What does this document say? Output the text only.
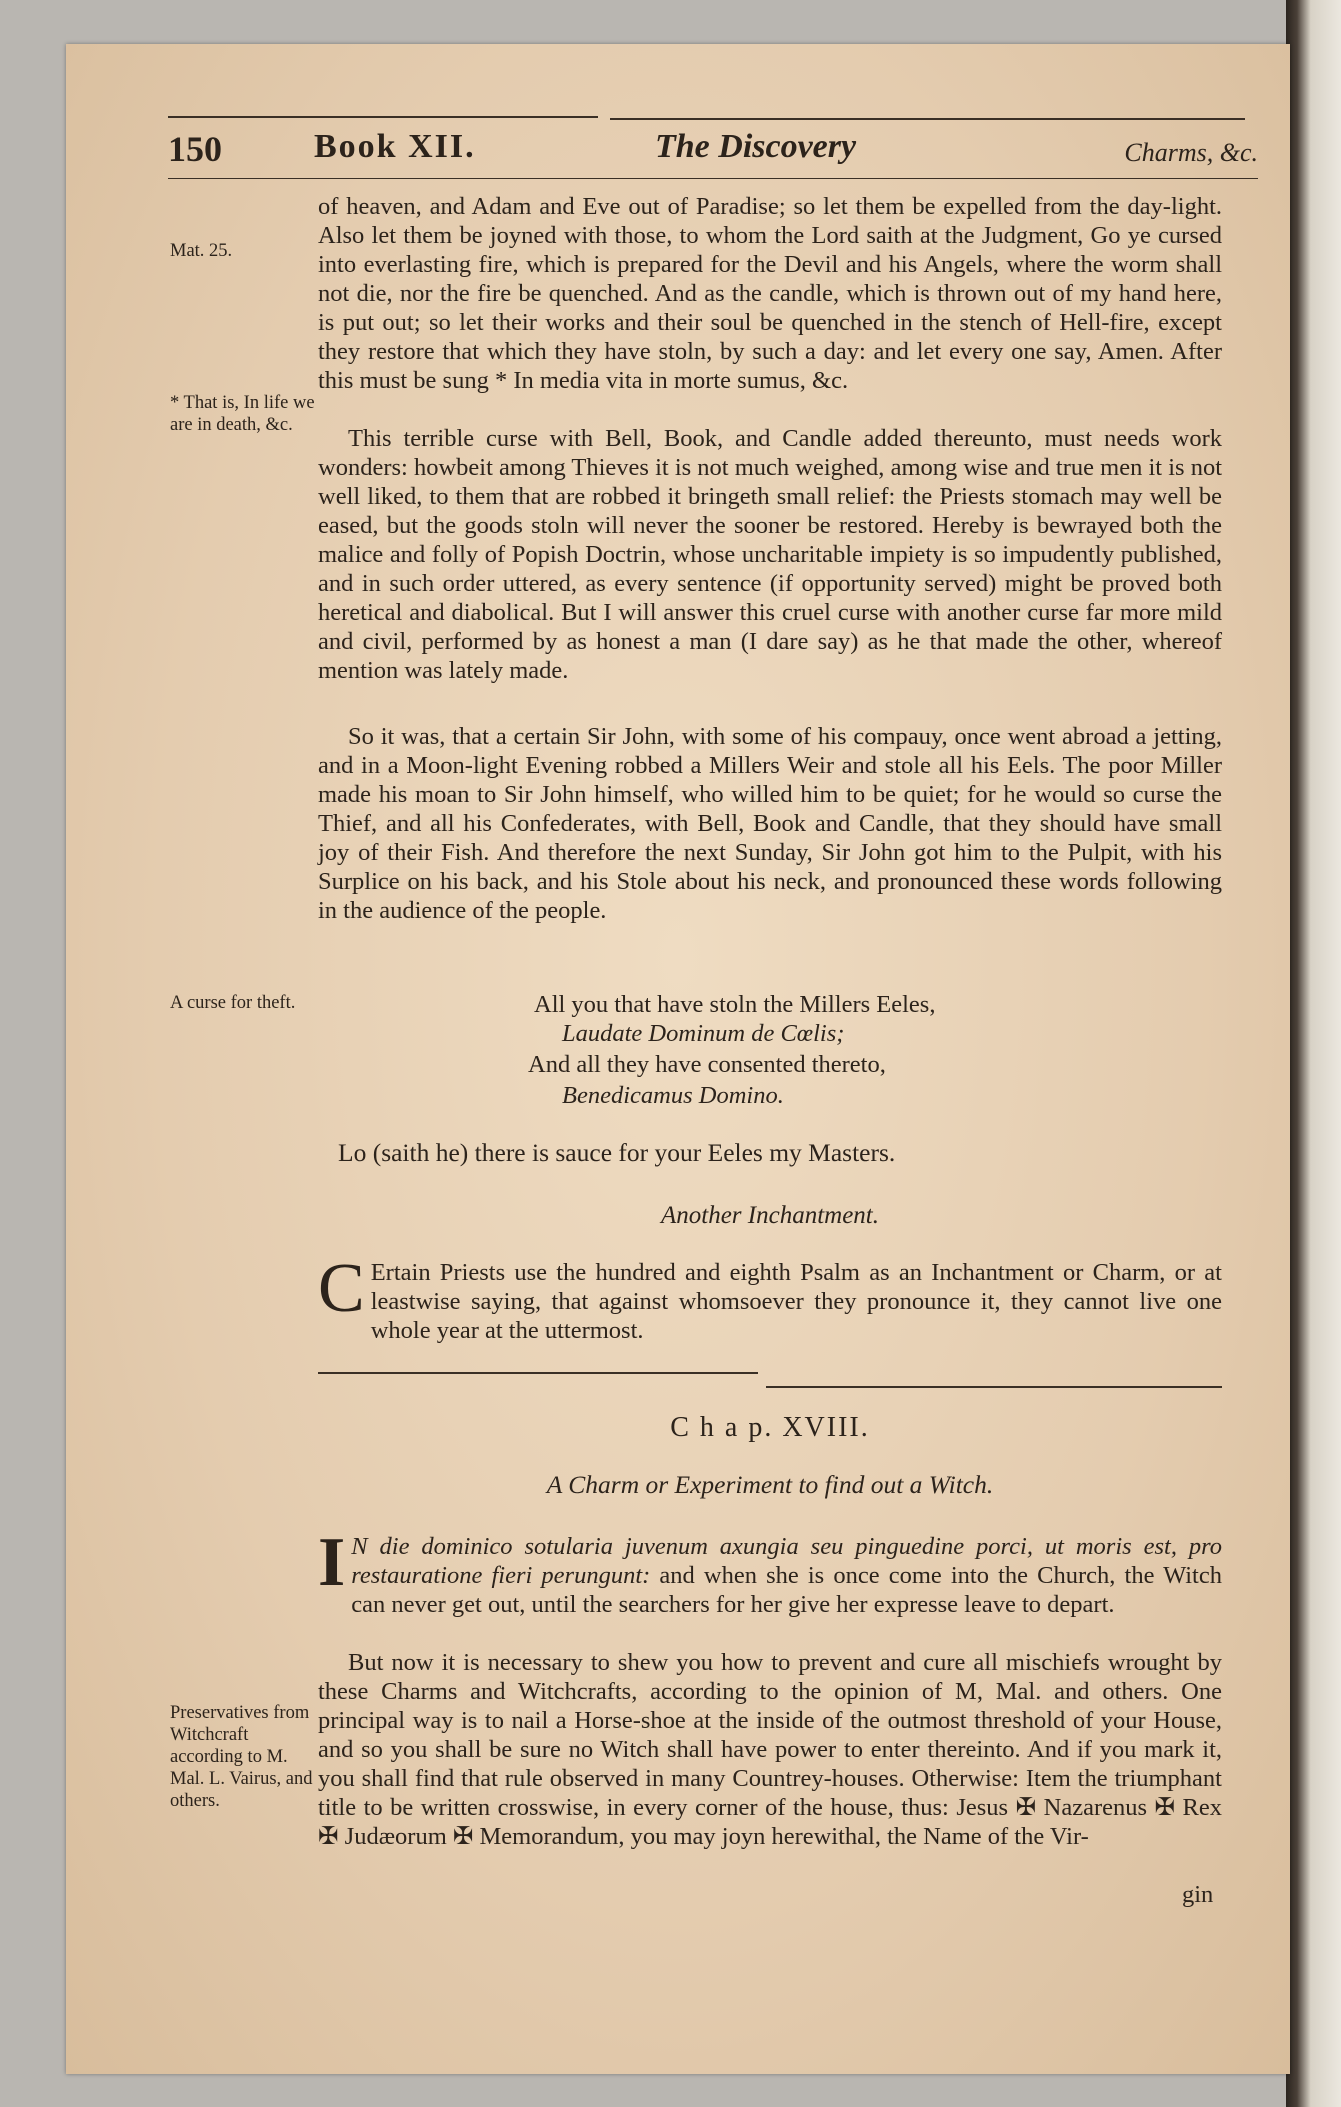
150	Book XII.	The Discovery	Charms, &c.
Mat. 25.
* That is, In life we are in death, &c.
A curse for theft.
Preservatives from Witchcraft according to M. Mal. L. Vairus, and others.

of heaven, and Adam and Eve out of Paradise; so let them be expelled from the day-light. Also let them be joyned with those, to whom the Lord saith at the Judgment, Go ye cursed into everlasting fire, which is prepared for the Devil and his Angels, where the worm shall not die, nor the fire be quenched. And as the candle, which is thrown out of my hand here, is put out; so let their works and their soul be quenched in the stench of Hell-fire, except they restore that which they have stoln, by such a day: and let every one say, Amen. After this must be sung * In media vita in morte sumus, &c.

This terrible curse with Bell, Book, and Candle added thereunto, must needs work wonders: howbeit among Thieves it is not much weighed, among wise and true men it is not well liked, to them that are robbed it bringeth small relief: the Priests stomach may well be eased, but the goods stoln will never the sooner be restored. Hereby is bewrayed both the malice and folly of Popish Doctrin, whose uncharitable impiety is so impudently published, and in such order uttered, as every sentence (if opportunity served) might be proved both heretical and diabolical. But I will answer this cruel curse with another curse far more mild and civil, performed by as honest a man (I dare say) as he that made the other, whereof mention was lately made.

So it was, that a certain Sir John, with some of his compauy, once went abroad a jetting, and in a Moon-light Evening robbed a Millers Weir and stole all his Eels. The poor Miller made his moan to Sir John himself, who willed him to be quiet; for he would so curse the Thief, and all his Confederates, with Bell, Book and Candle, that they should have small joy of their Fish. And therefore the next Sunday, Sir John got him to the Pulpit, with his Surplice on his back, and his Stole about his neck, and pronounced these words following in the audience of the people.

All you that have stoln the Millers Eeles,
Laudate Dominum de Cœlis;
And all they have consented thereto,
Benedicamus Domino.

Lo (saith he) there is sauce for your Eeles my Masters.

Another Inchantment.
C Ertain Priests use the hundred and eighth Psalm as an Inchantment or Charm, or at leastwise saying, that against whomsoever they pronounce it, they cannot live one whole year at the uttermost.

C h a p. XVIII.
A Charm or Experiment to find out a Witch.
I N die dominico sotularia juvenum axungia seu pinguedine porci, ut moris est, pro restauratione fieri perungunt: and when she is once come into the Church, the Witch can never get out, until the searchers for her give her expresse leave to depart.

But now it is necessary to shew you how to prevent and cure all mischiefs wrought by these Charms and Witchcrafts, according to the opinion of M, Mal. and others. One principal way is to nail a Horse-shoe at the inside of the outmost threshold of your House, and so you shall be sure no Witch shall have power to enter thereinto. And if you mark it, you shall find that rule observed in many Countrey-houses. Otherwise: Item the triumphant title to be written crosswise, in every corner of the house, thus: Jesus ✠ Nazarenus ✠ Rex ✠ Judæorum ✠ Memorandum, you may joyn herewithal, the Name of the Vir-

gin
